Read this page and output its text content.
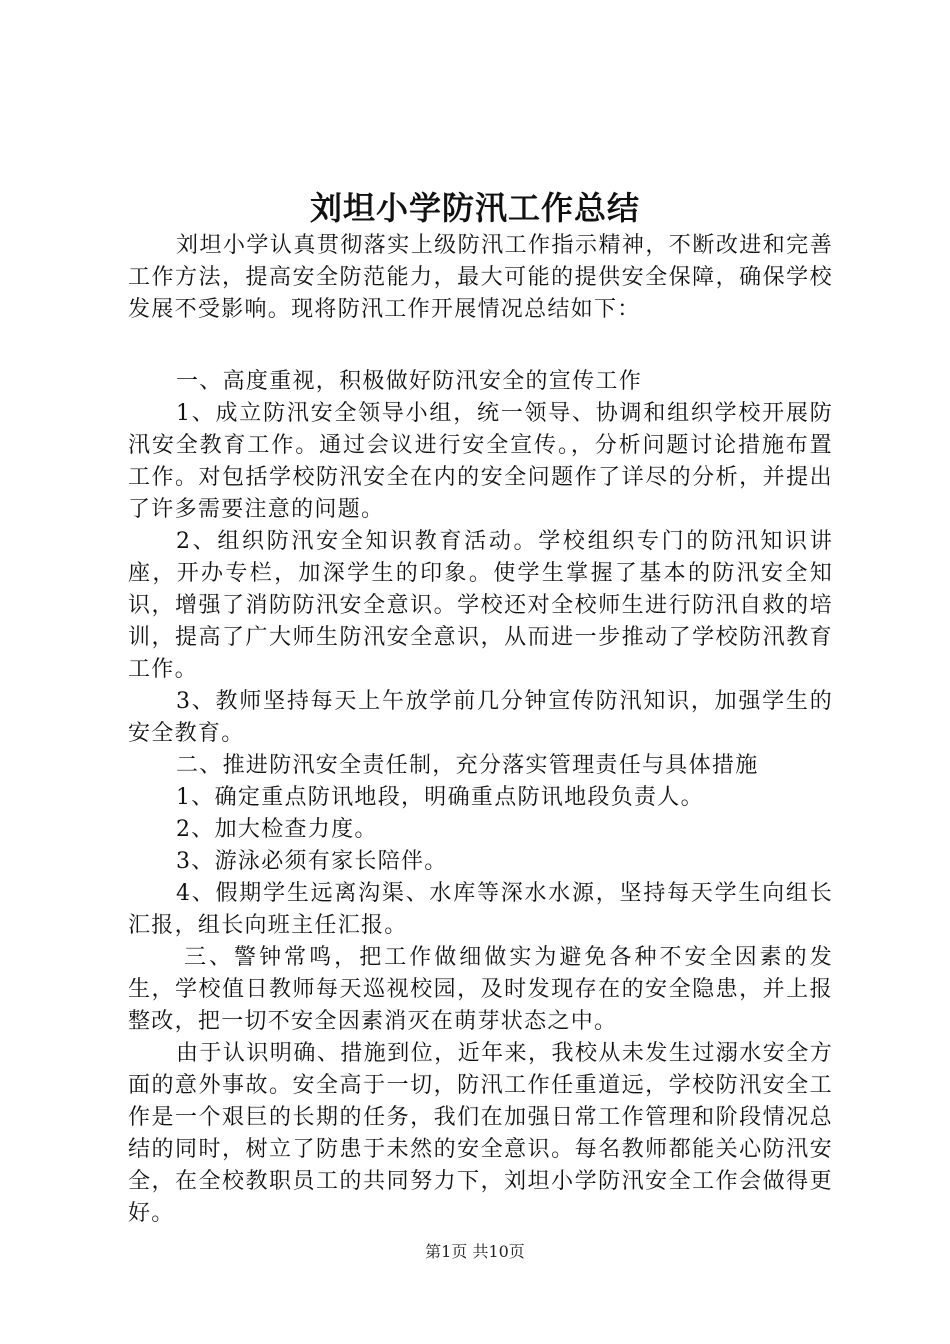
刘坦小学防汛工作总结

刘坦小学认真贯彻落实上级防汛工作指示精神，不断改进和完善工作方法，提高安全防范能力，最大可能的提供安全保障，确保学校发展不受影响。现将防汛工作开展情况总结如下：

一、高度重视，积极做好防汛安全的宣传工作

1、成立防汛安全领导小组，统一领导、协调和组织学校开展防汛安全教育工作。通过会议进行安全宣传。，分析问题讨论措施布置工作。对包括学校防汛安全在内的安全问题作了详尽的分析，并提出了许多需要注意的问题。

2、组织防汛安全知识教育活动。学校组织专门的防汛知识讲座，开办专栏，加深学生的印象。使学生掌握了基本的防汛安全知识，增强了消防防汛安全意识。学校还对全校师生进行防汛自救的培训，提高了广大师生防汛安全意识，从而进一步推动了学校防汛教育工作。

3、教师坚持每天上午放学前几分钟宣传防汛知识，加强学生的安全教育。

二、推进防汛安全责任制，充分落实管理责任与具体措施

1、确定重点防讯地段，明确重点防讯地段负责人。

2、加大检查力度。

3、游泳必须有家长陪伴。

4、假期学生远离沟渠、水库等深水水源，坚持每天学生向组长汇报，组长向班主任汇报。

三、警钟常鸣，把工作做细做实为避免各种不安全因素的发生，学校值日教师每天巡视校园，及时发现存在的安全隐患，并上报整改，把一切不安全因素消灭在萌芽状态之中。

由于认识明确、措施到位，近年来，我校从未发生过溺水安全方面的意外事故。安全高于一切，防汛工作任重道远，学校防汛安全工作是一个艰巨的长期的任务，我们在加强日常工作管理和阶段情况总结的同时，树立了防患于未然的安全意识。每名教师都能关心防汛安全，在全校教职员工的共同努力下，刘坦小学防汛安全工作会做得更好。

第1页 共10页
